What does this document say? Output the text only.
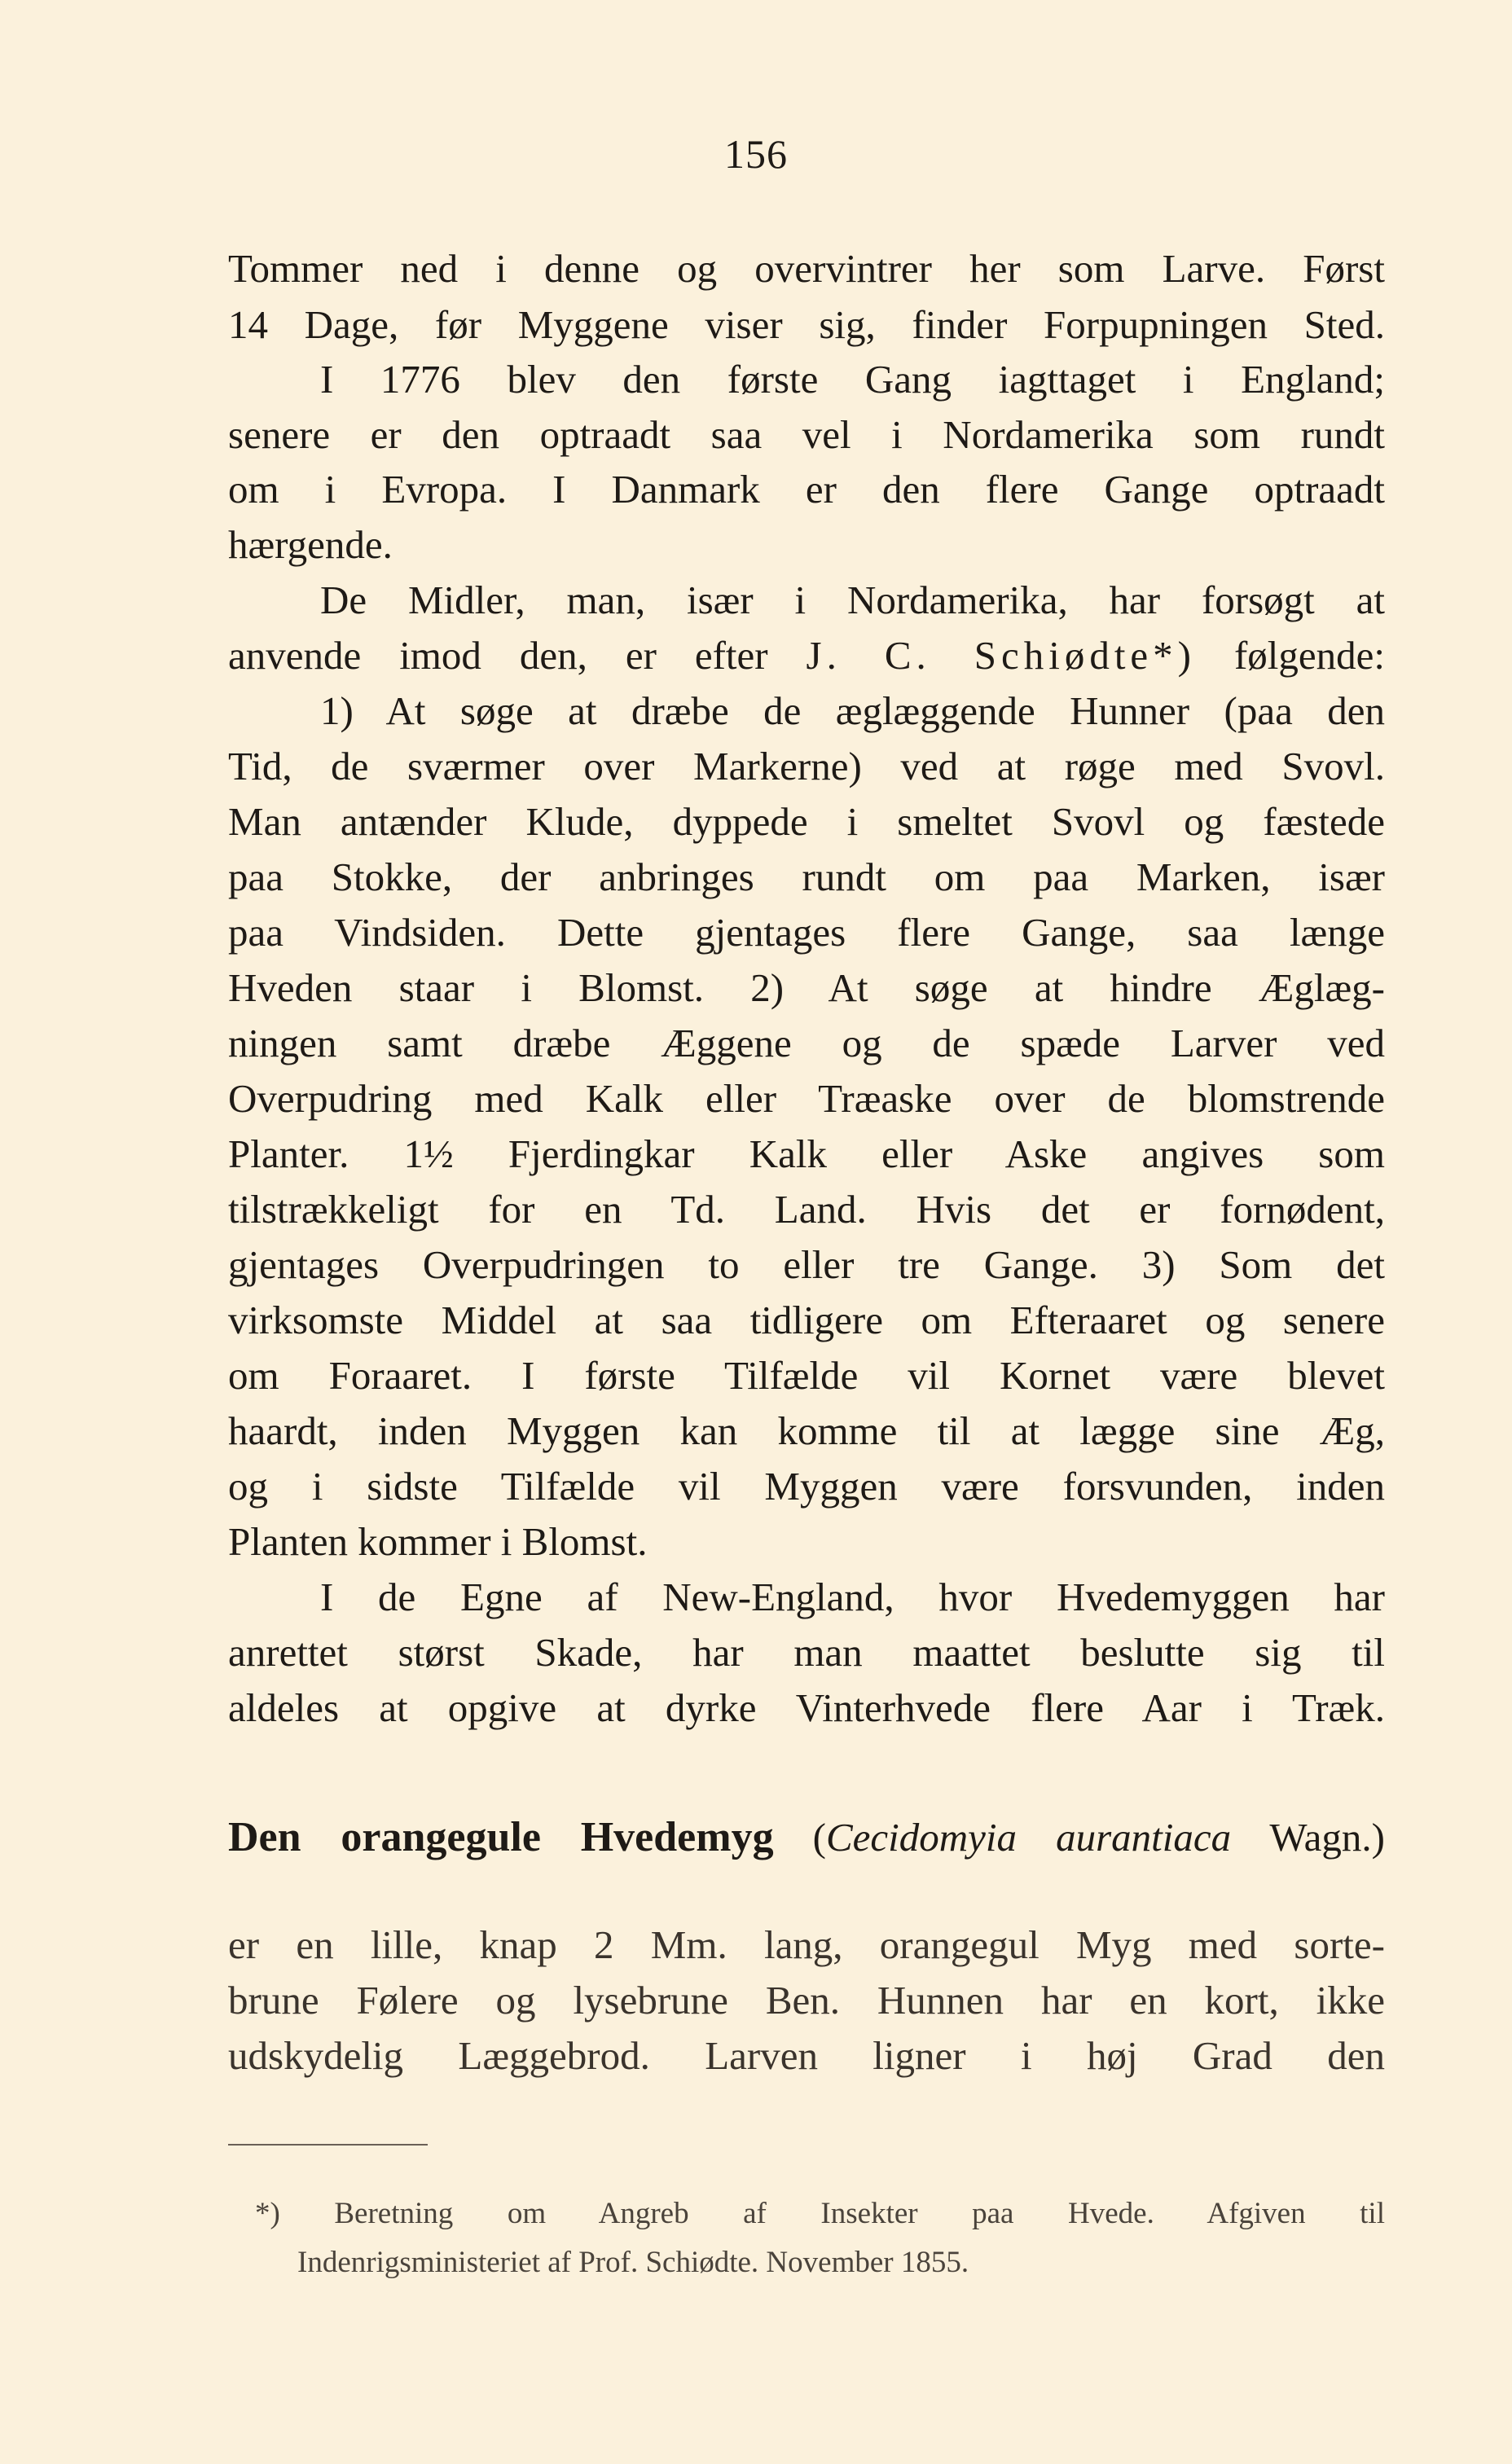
156
Tommer ned i denne og overvintrer her som Larve. Først
14 Dage, før Myggene viser sig, finder Forpupningen Sted.
I 1776 blev den første Gang iagttaget i England;
senere er den optraadt saa vel i Nordamerika som rundt
om i Evropa. I Danmark er den flere Gange optraadt
hærgende.
De Midler, man, især i Nordamerika, har forsøgt at
anvende imod den, er efter J. C. Schiødte*) følgende:
1) At søge at dræbe de æglæggende Hunner (paa den
Tid, de sværmer over Markerne) ved at røge med Svovl.
Man antænder Klude, dyppede i smeltet Svovl og fæstede
paa Stokke, der anbringes rundt om paa Marken, især
paa Vindsiden. Dette gjentages flere Gange, saa længe
Hveden staar i Blomst. 2) At søge at hindre Æglæg-
ningen samt dræbe Æggene og de spæde Larver ved
Overpudring med Kalk eller Træaske over de blomstrende
Planter. 1½ Fjerdingkar Kalk eller Aske angives som
tilstrækkeligt for en Td. Land. Hvis det er fornødent,
gjentages Overpudringen to eller tre Gange. 3) Som det
virksomste Middel at saa tidligere om Efteraaret og senere
om Foraaret. I første Tilfælde vil Kornet være blevet
haardt, inden Myggen kan komme til at lægge sine Æg,
og i sidste Tilfælde vil Myggen være forsvunden, inden
Planten kommer i Blomst.
I de Egne af New-England, hvor Hvedemyggen har
anrettet størst Skade, har man maattet beslutte sig til
aldeles at opgive at dyrke Vinterhvede flere Aar i Træk.
Den orangegule Hvedemyg (Cecidomyia aurantiaca Wagn.)
er en lille, knap 2 Mm. lang, orangegul Myg med sorte-
brune Følere og lysebrune Ben. Hunnen har en kort, ikke
udskydelig Læggebrod. Larven ligner i høj Grad den
*) Beretning om Angreb af Insekter paa Hvede. Afgiven til
Indenrigsministeriet af Prof. Schiødte. November 1855.
